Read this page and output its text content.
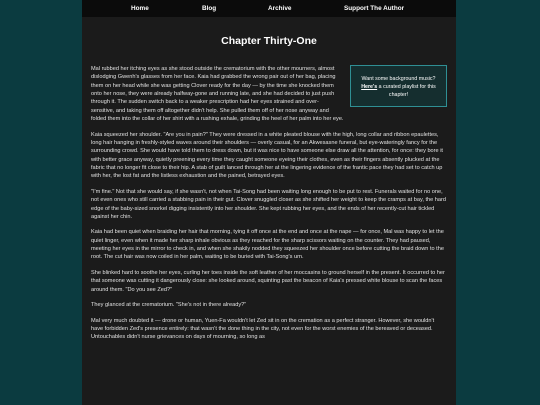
Home	Blog	Archive	Support The Author
Chapter Thirty-One
Want some background music? Here's a curated playlist for this chapter!

Mal rubbed her itching eyes as she stood outside the crematorium with the other mourners, almost dislodging Gwenh's glasses from her face. Kaia had grabbed the wrong pair out of her bag, placing them on her head while she was getting Clover ready for the day — by the time she knocked them onto her nose, they were already halfway-gone and running late, and she had decided to just push through it. The sudden switch back to a weaker prescription had her eyes strained and over-sensitive, and taking them off altogether didn't help. She pulled them off of her nose anyway and folded them into the collar of her shirt with a rushing exhale, grinding the heel of her palm into her eye.

Kaia squeezed her shoulder. "Are you in pain?" They were dressed in a white pleated blouse with the high, long collar and ribbon epaulettes, long hair hanging in freshly-styled waves around their shoulders — overly casual, for an Akwesasne funeral, but eye-wateringly fancy for the surrounding crowd. She would have told them to dress down, but it was nice to have someone else draw all the attention, for once: they bore it with better grace anyway, quietly preening every time they caught someone eyeing their clothes, even as their fingers absently plucked at the fabric that no longer fit close to their hip. A stab of guilt lanced through her at the lingering evidence of the frantic pace they had set to catch up with her, the lost fat and the listless exhaustion and the pained, betrayed eyes.

"I'm fine." Not that she would say, if she wasn't, not when Tai-Song had been waiting long enough to be put to rest. Funerals waited for no one, not even ones who still carried a stabbing pain in their gut. Clover snuggled closer as she shifted her weight to keep the cramps at bay, the hard edge of the baby-sized snorkel digging insistently into her shoulder. She kept rubbing her eyes, and the ends of her recently-cut hair tickled against her chin.

Kaia had been quiet when braiding her hair that morning, tying it off once at the end and once at the nape — for once, Mal was happy to let the quiet linger, even when it made her sharp inhale obvious as they reached for the sharp scissors waiting on the counter. They had paused, meeting her eyes in the mirror to check in, and when she shakily nodded they squeezed her shoulder once before cutting the braid down to the root. The cut hair was now coiled in her palm, waiting to be buried with Tai-Song's urn.

She blinked hard to soothe her eyes, curling her toes inside the soft leather of her moccasins to ground herself in the present. It occurred to her that someone was cutting it dangerously close: she looked around, squinting past the beacon of Kaia's pressed white blouse to scan the faces around them. "Do you see Zed?"

They glanced at the crematorium. "She's not in there already?"

Mal very much doubted it — drone or human, Yuen-Fa wouldn't let Zed sit in on the cremation as a perfect stranger. However, she wouldn't have forbidden Zed's presence entirely: that wasn't the done thing in the city, not even for the worst enemies of the bereaved or deceased. Untouchables didn't nurse grievances on days of mourning, so long as
